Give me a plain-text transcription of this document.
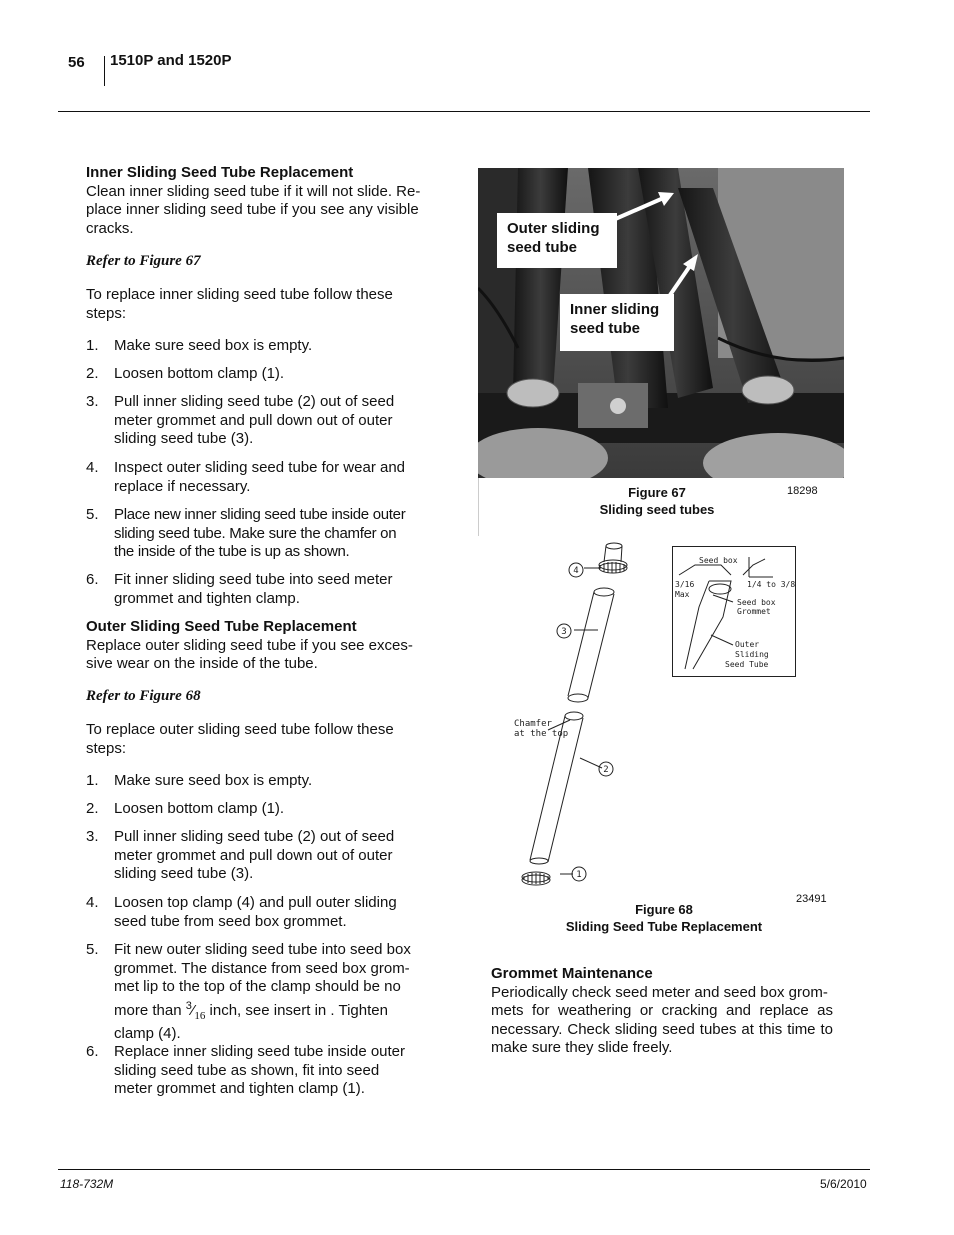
56 1510P and 1520P
Inner Sliding Seed Tube Replacement
Clean inner sliding seed tube if it will not slide. Re-
place inner sliding seed tube if you see any visible
cracks.
Refer to Figure 67
To replace inner sliding seed tube follow these
steps:
1. Make sure seed box is empty.
2. Loosen bottom clamp (1).
3. Pull inner sliding seed tube (2) out of seed
meter grommet and pull down out of outer
sliding seed tube (3).
4. Inspect outer sliding seed tube for wear and
replace if necessary.
5. Place new inner sliding seed tube inside outer
sliding seed tube. Make sure the chamfer on
the inside of the tube is up as shown.
6. Fit inner sliding seed tube into seed meter
grommet and tighten clamp.
Outer Sliding Seed Tube Replacement
Replace outer sliding seed tube if you see exces-
sive wear on the inside of the tube.
Refer to Figure 68
To replace outer sliding seed tube follow these
steps:
1. Make sure seed box is empty.
2. Loosen bottom clamp (1).
3. Pull inner sliding seed tube (2) out of seed
meter grommet and pull down out of outer
sliding seed tube (3).
4. Loosen top clamp (4) and pull outer sliding
seed tube from seed box grommet.
5. Fit new outer sliding seed tube into seed box
grommet. The distance from seed box grom-
met lip to the top of the clamp should be no
more than $^3⁄_{16}$ inch, see insert in . Tighten
clamp (4).
6. Replace inner sliding seed tube inside outer
sliding seed tube as shown, fit into seed
meter grommet and tighten clamp (1).
Outer sliding
seed tube
Inner sliding
seed tube
Figure 67
Sliding seed tubes
18298
4
3
2
1
Chamfer
at the top
Seed box
3/16
Max
1/4 to 3/8
Seed box
Grommet
Outer
Sliding
Seed Tube
23491
Figure 68
Sliding Seed Tube Replacement
Grommet Maintenance
Periodically check seed meter and seed box grom-
mets for weathering or cracking and replace as
necessary. Check sliding seed tubes at this time to
make sure they slide freely.
118-732M	5/6/2010
